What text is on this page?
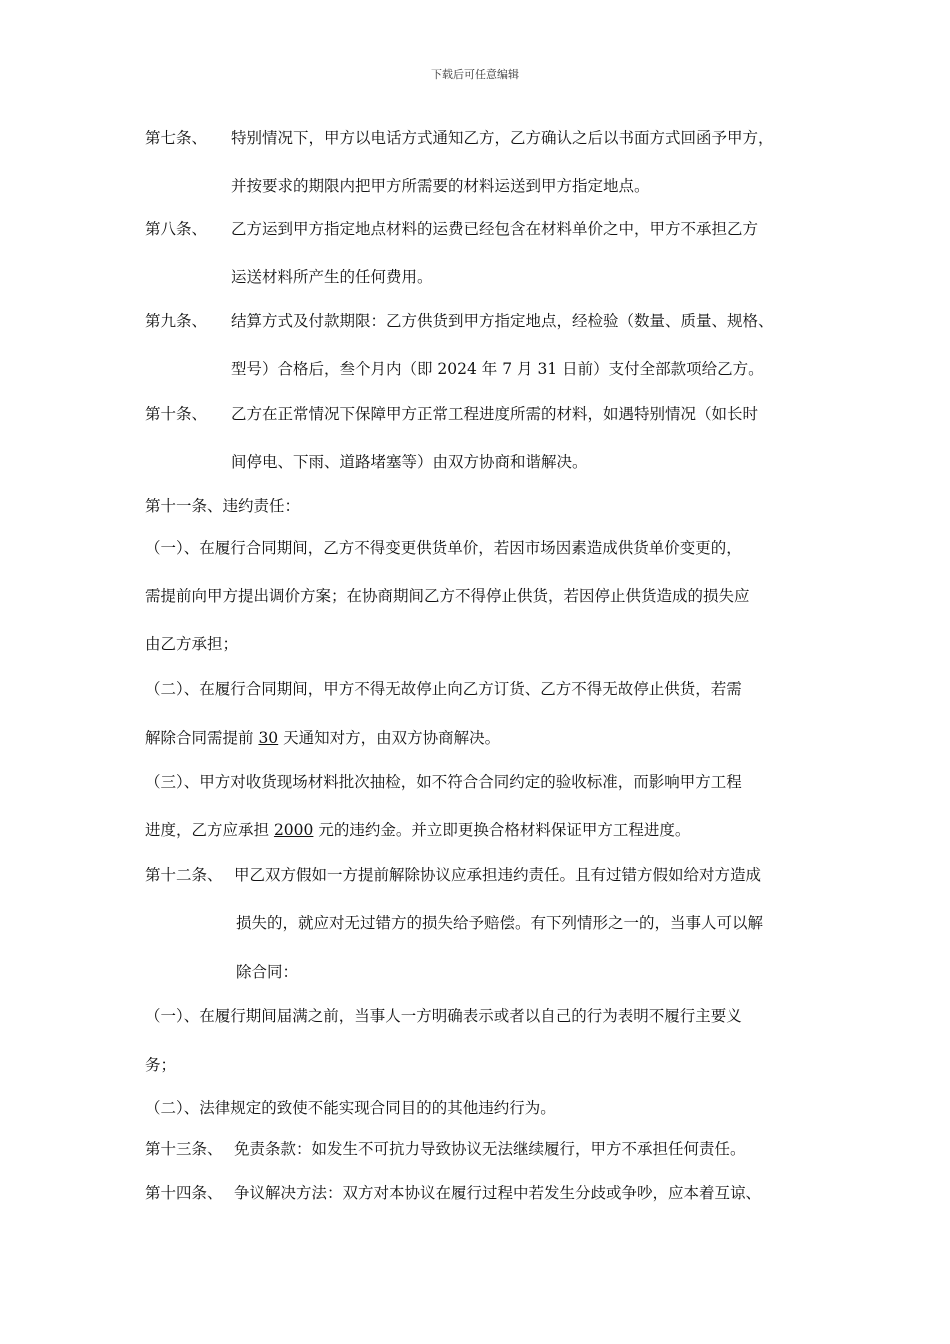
下载后可任意编辑
第七条、 特别情况下，甲方以电话方式通知乙方，乙方确认之后以书面方式回函予甲方，
并按要求的期限内把甲方所需要的材料运送到甲方指定地点。
第八条、 乙方运到甲方指定地点材料的运费已经包含在材料单价之中，甲方不承担乙方
运送材料所产生的任何费用。
第九条、 结算方式及付款期限：乙方供货到甲方指定地点，经检验（数量、质量、规格、
型号）合格后，叁个月内（即 2024 年 7 月 31 日前）支付全部款项给乙方。
第十条、 乙方在正常情况下保障甲方正常工程进度所需的材料，如遇特别情况（如长时
间停电、下雨、道路堵塞等）由双方协商和谐解决。
第十一条、违约责任：
（一）、在履行合同期间，乙方不得变更供货单价，若因市场因素造成供货单价变更的，
需提前向甲方提出调价方案；在协商期间乙方不得停止供货，若因停止供货造成的损失应
由乙方承担；
（二）、在履行合同期间，甲方不得无故停止向乙方订货、乙方不得无故停止供货，若需
解除合同需提前 30 天通知对方，由双方协商解决。
（三）、甲方对收货现场材料批次抽检，如不符合合同约定的验收标准，而影响甲方工程
进度，乙方应承担 2000 元的违约金。并立即更换合格材料保证甲方工程进度。
第十二条、 甲乙双方假如一方提前解除协议应承担违约责任。且有过错方假如给对方造成
损失的，就应对无过错方的损失给予赔偿。有下列情形之一的，当事人可以解
除合同：
（一）、在履行期间届满之前，当事人一方明确表示或者以自己的行为表明不履行主要义
务；
（二）、法律规定的致使不能实现合同目的的其他违约行为。
第十三条、 免责条款：如发生不可抗力导致协议无法继续履行，甲方不承担任何责任。
第十四条、 争议解决方法：双方对本协议在履行过程中若发生分歧或争吵，应本着互谅、
